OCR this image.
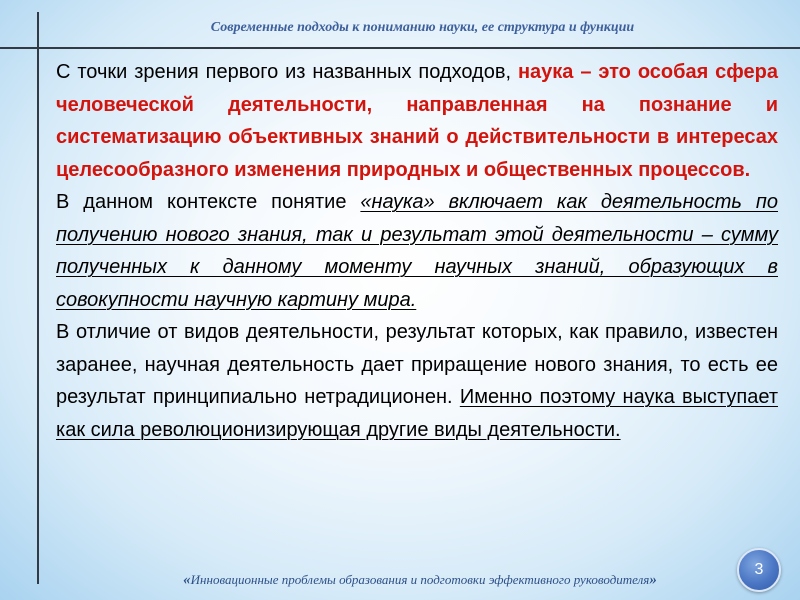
Современные подходы к пониманию науки, ее структура и функции

С точки зрения первого из названных подходов, наука – это особая сфера человеческой деятельности, направленная на познание и систематизацию объективных знаний о действительности в интересах целесообразного изменения природных и общественных процессов.

В данном контексте понятие «наука» включает как деятельность по получению нового знания, так и результат этой деятельности – сумму полученных к данному моменту научных знаний, образующих в совокупности научную картину мира.

В отличие от видов деятельности, результат которых, как правило, известен заранее, научная деятельность дает приращение нового знания, то есть ее результат принципиально нетрадиционен. Именно поэтому наука выступает как сила революционизирующая другие виды деятельности.

«Инновационные проблемы образования и подготовки эффективного руководителя»
3
